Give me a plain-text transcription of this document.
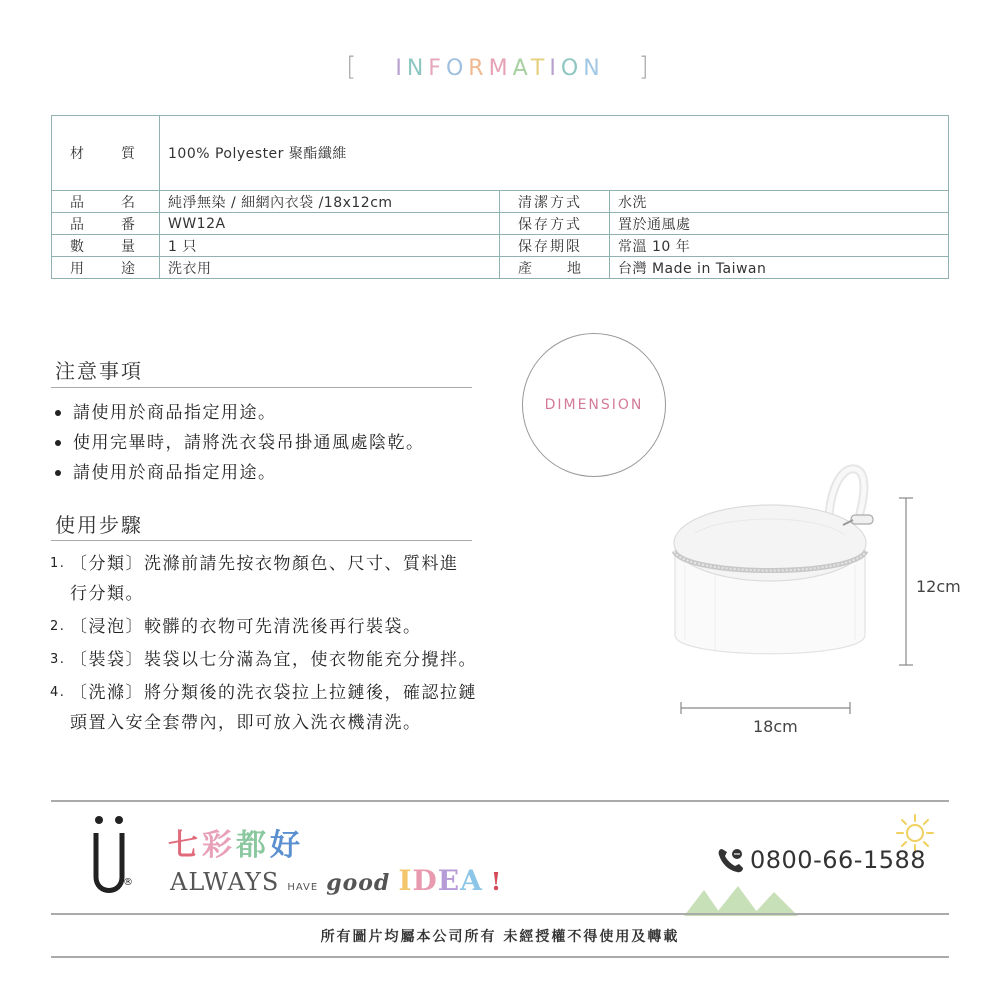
[ INFORMATION ]
材 質	100% Polyester 聚酯纖維		

品 名	純淨無染 / 細網內衣袋 /18x12cm	清潔方式	水洗

品 番	WW12A	保存方式	置於通風處

數 量	1 只	保存期限	常溫 10 年

用 途	洗衣用	產 地	台灣 Made in Taiwan
注意事項
請使用於商品指定用途。
使用完畢時，請將洗衣袋吊掛通風處陰乾。
請使用於商品指定用途。
使用步驟
1. 〔分類〕洗滌前請先按衣物顏色、尺寸、質料進行分類。
2. 〔浸泡〕較髒的衣物可先清洗後再行裝袋。
3. 〔裝袋〕裝袋以七分滿為宜，使衣物能充分攪拌。
4. 〔洗滌〕將分類後的洗衣袋拉上拉鏈後，確認拉鏈頭置入安全套帶內，即可放入洗衣機清洗。
DIMENSION
12cm
18cm
®
七彩都好
ALWAYS HAVE good IDEA !
0800-66-1588
所有圖片均屬本公司所有 未經授權不得使用及轉載
